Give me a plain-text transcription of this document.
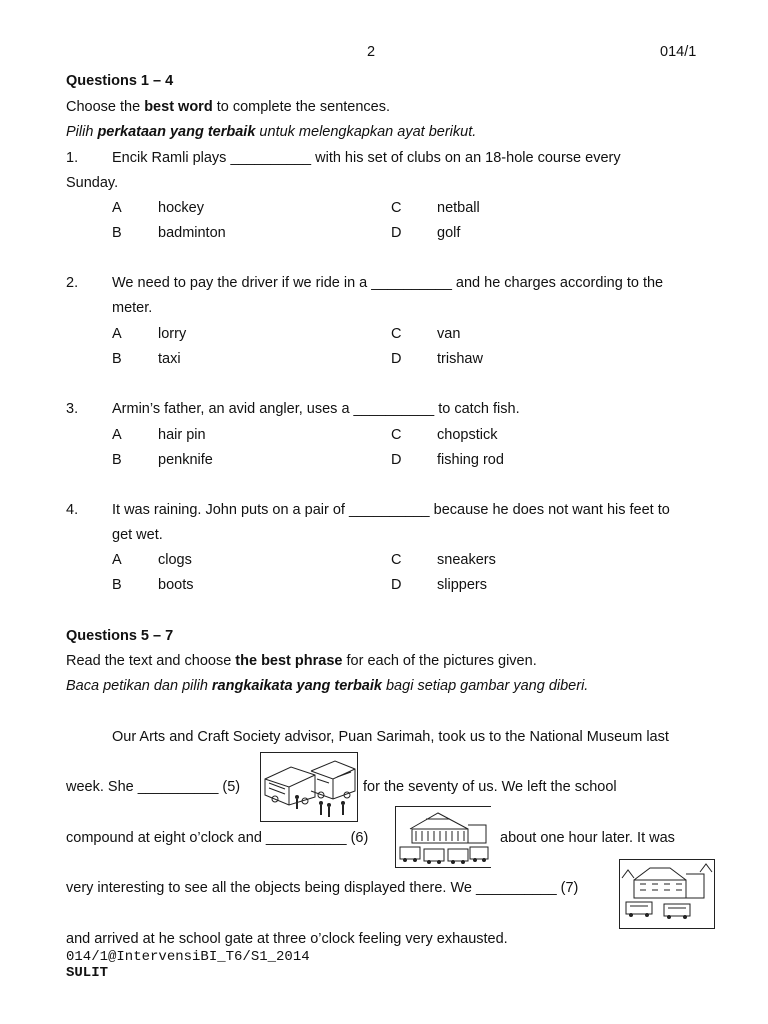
2	014/1
Questions 1 – 4
Choose the best word to complete the sentences.
Pilih perkataan yang terbaik untuk melengkapkan ayat berikut.
1. Encik Ramli plays __________ with his set of clubs on an 18-hole course every
Sunday.
A	hockey	C netball
B	badminton	D golf
2. We need to pay the driver if we ride in a __________ and he charges according to the
meter.
A	lorry	C van
B	taxi	D trishaw
3. Armin’s father, an avid angler, uses a __________ to catch fish.
A	hair pin	C chopstick
B	penknife	D fishing rod
4. It was raining. John puts on a pair of __________ because he does not want his feet to
get wet.
A	clogs	C sneakers
B	boots	D slippers
Questions 5 – 7
Read the text and choose the best phrase for each of the pictures given.
Baca petikan dan pilih rangkaikata yang terbaik bagi setiap gambar yang diberi.
Our Arts and Craft Society advisor, Puan Sarimah, took us to the National Museum last
week. She __________ (5)	for the seventy of us. We left the school
compound at eight o’clock and __________ (6)	about one hour later. It was
very interesting to see all the objects being displayed there. We __________ (7)
and arrived at he school gate at three o’clock feeling very exhausted.
014/1@IntervensiBI_T6/S1_2014
SULIT
